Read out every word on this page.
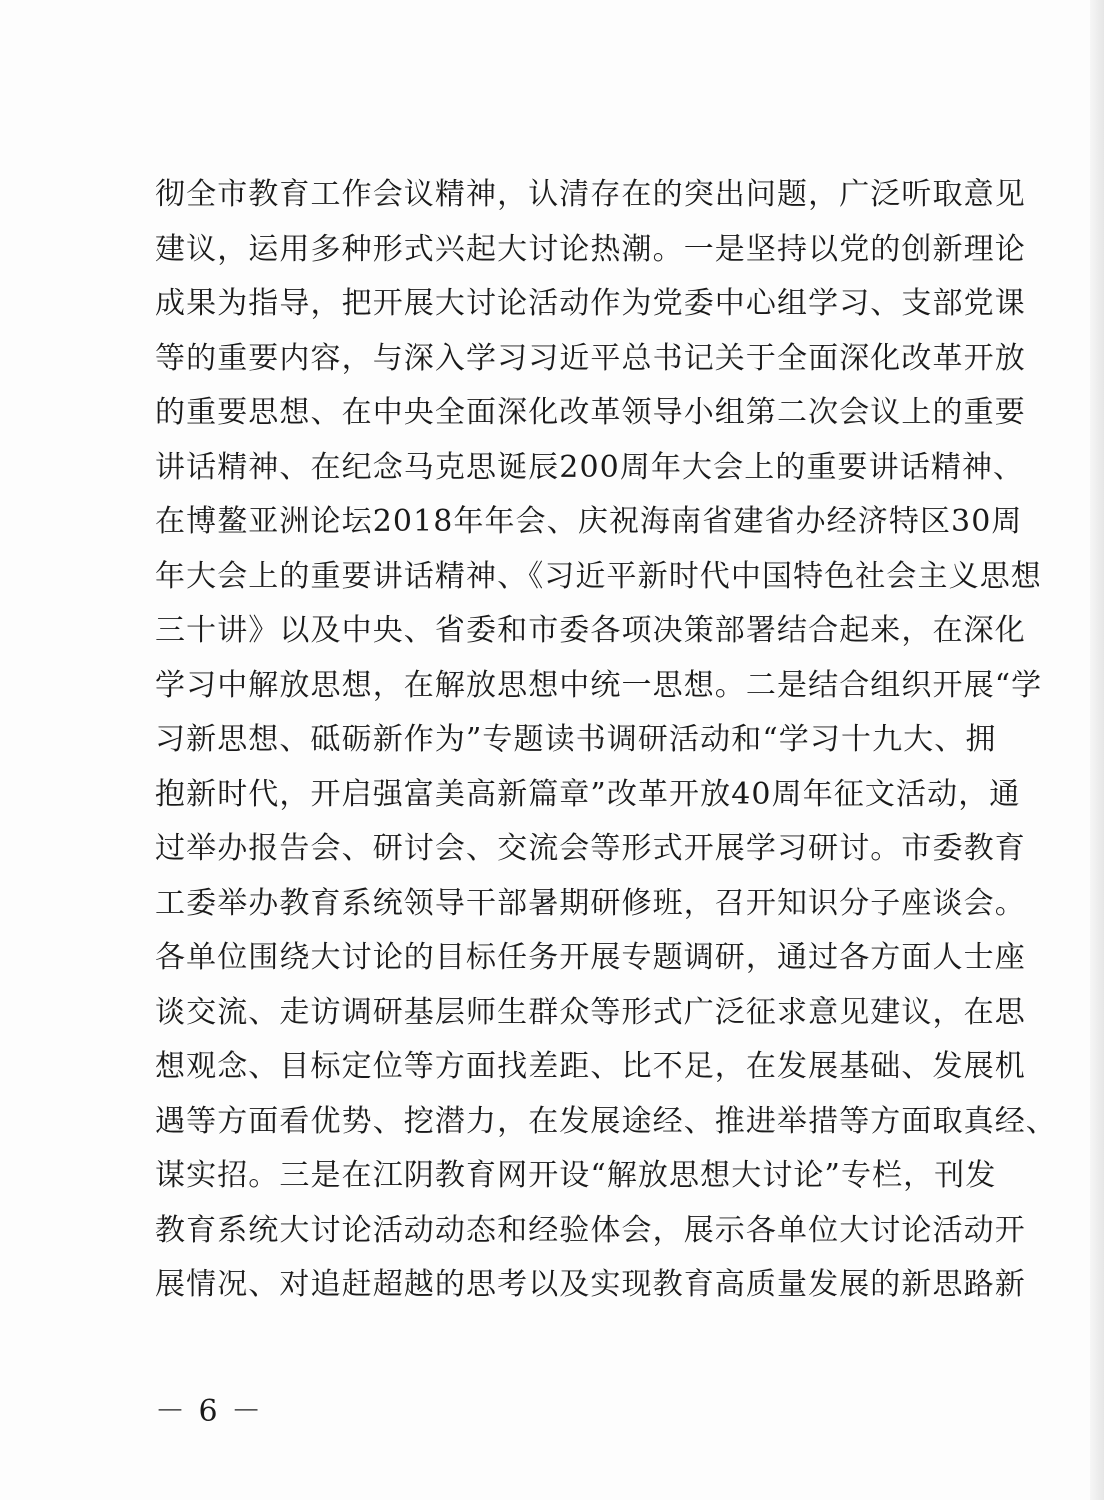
彻全市教育工作会议精神，认清存在的突出问题，广泛听取意见
建议，运用多种形式兴起大讨论热潮。一是坚持以党的创新理论
成果为指导，把开展大讨论活动作为党委中心组学习、支部党课
等的重要内容，与深入学习习近平总书记关于全面深化改革开放
的重要思想、在中央全面深化改革领导小组第二次会议上的重要
讲话精神、在纪念马克思诞辰200周年大会上的重要讲话精神、
在博鳌亚洲论坛2018年年会、庆祝海南省建省办经济特区30周
年大会上的重要讲话精神、《习近平新时代中国特色社会主义思想
三十讲》以及中央、省委和市委各项决策部署结合起来，在深化
学习中解放思想，在解放思想中统一思想。二是结合组织开展“学
习新思想、砥砺新作为”专题读书调研活动和“学习十九大、拥
抱新时代，开启强富美高新篇章”改革开放40周年征文活动，通
过举办报告会、研讨会、交流会等形式开展学习研讨。市委教育
工委举办教育系统领导干部暑期研修班，召开知识分子座谈会。
各单位围绕大讨论的目标任务开展专题调研，通过各方面人士座
谈交流、走访调研基层师生群众等形式广泛征求意见建议，在思
想观念、目标定位等方面找差距、比不足，在发展基础、发展机
遇等方面看优势、挖潜力，在发展途经、推进举措等方面取真经、
谋实招。三是在江阴教育网开设“解放思想大讨论”专栏，刊发
教育系统大讨论活动动态和经验体会，展示各单位大讨论活动开
展情况、对追赶超越的思考以及实现教育高质量发展的新思路新
－ 6 －
